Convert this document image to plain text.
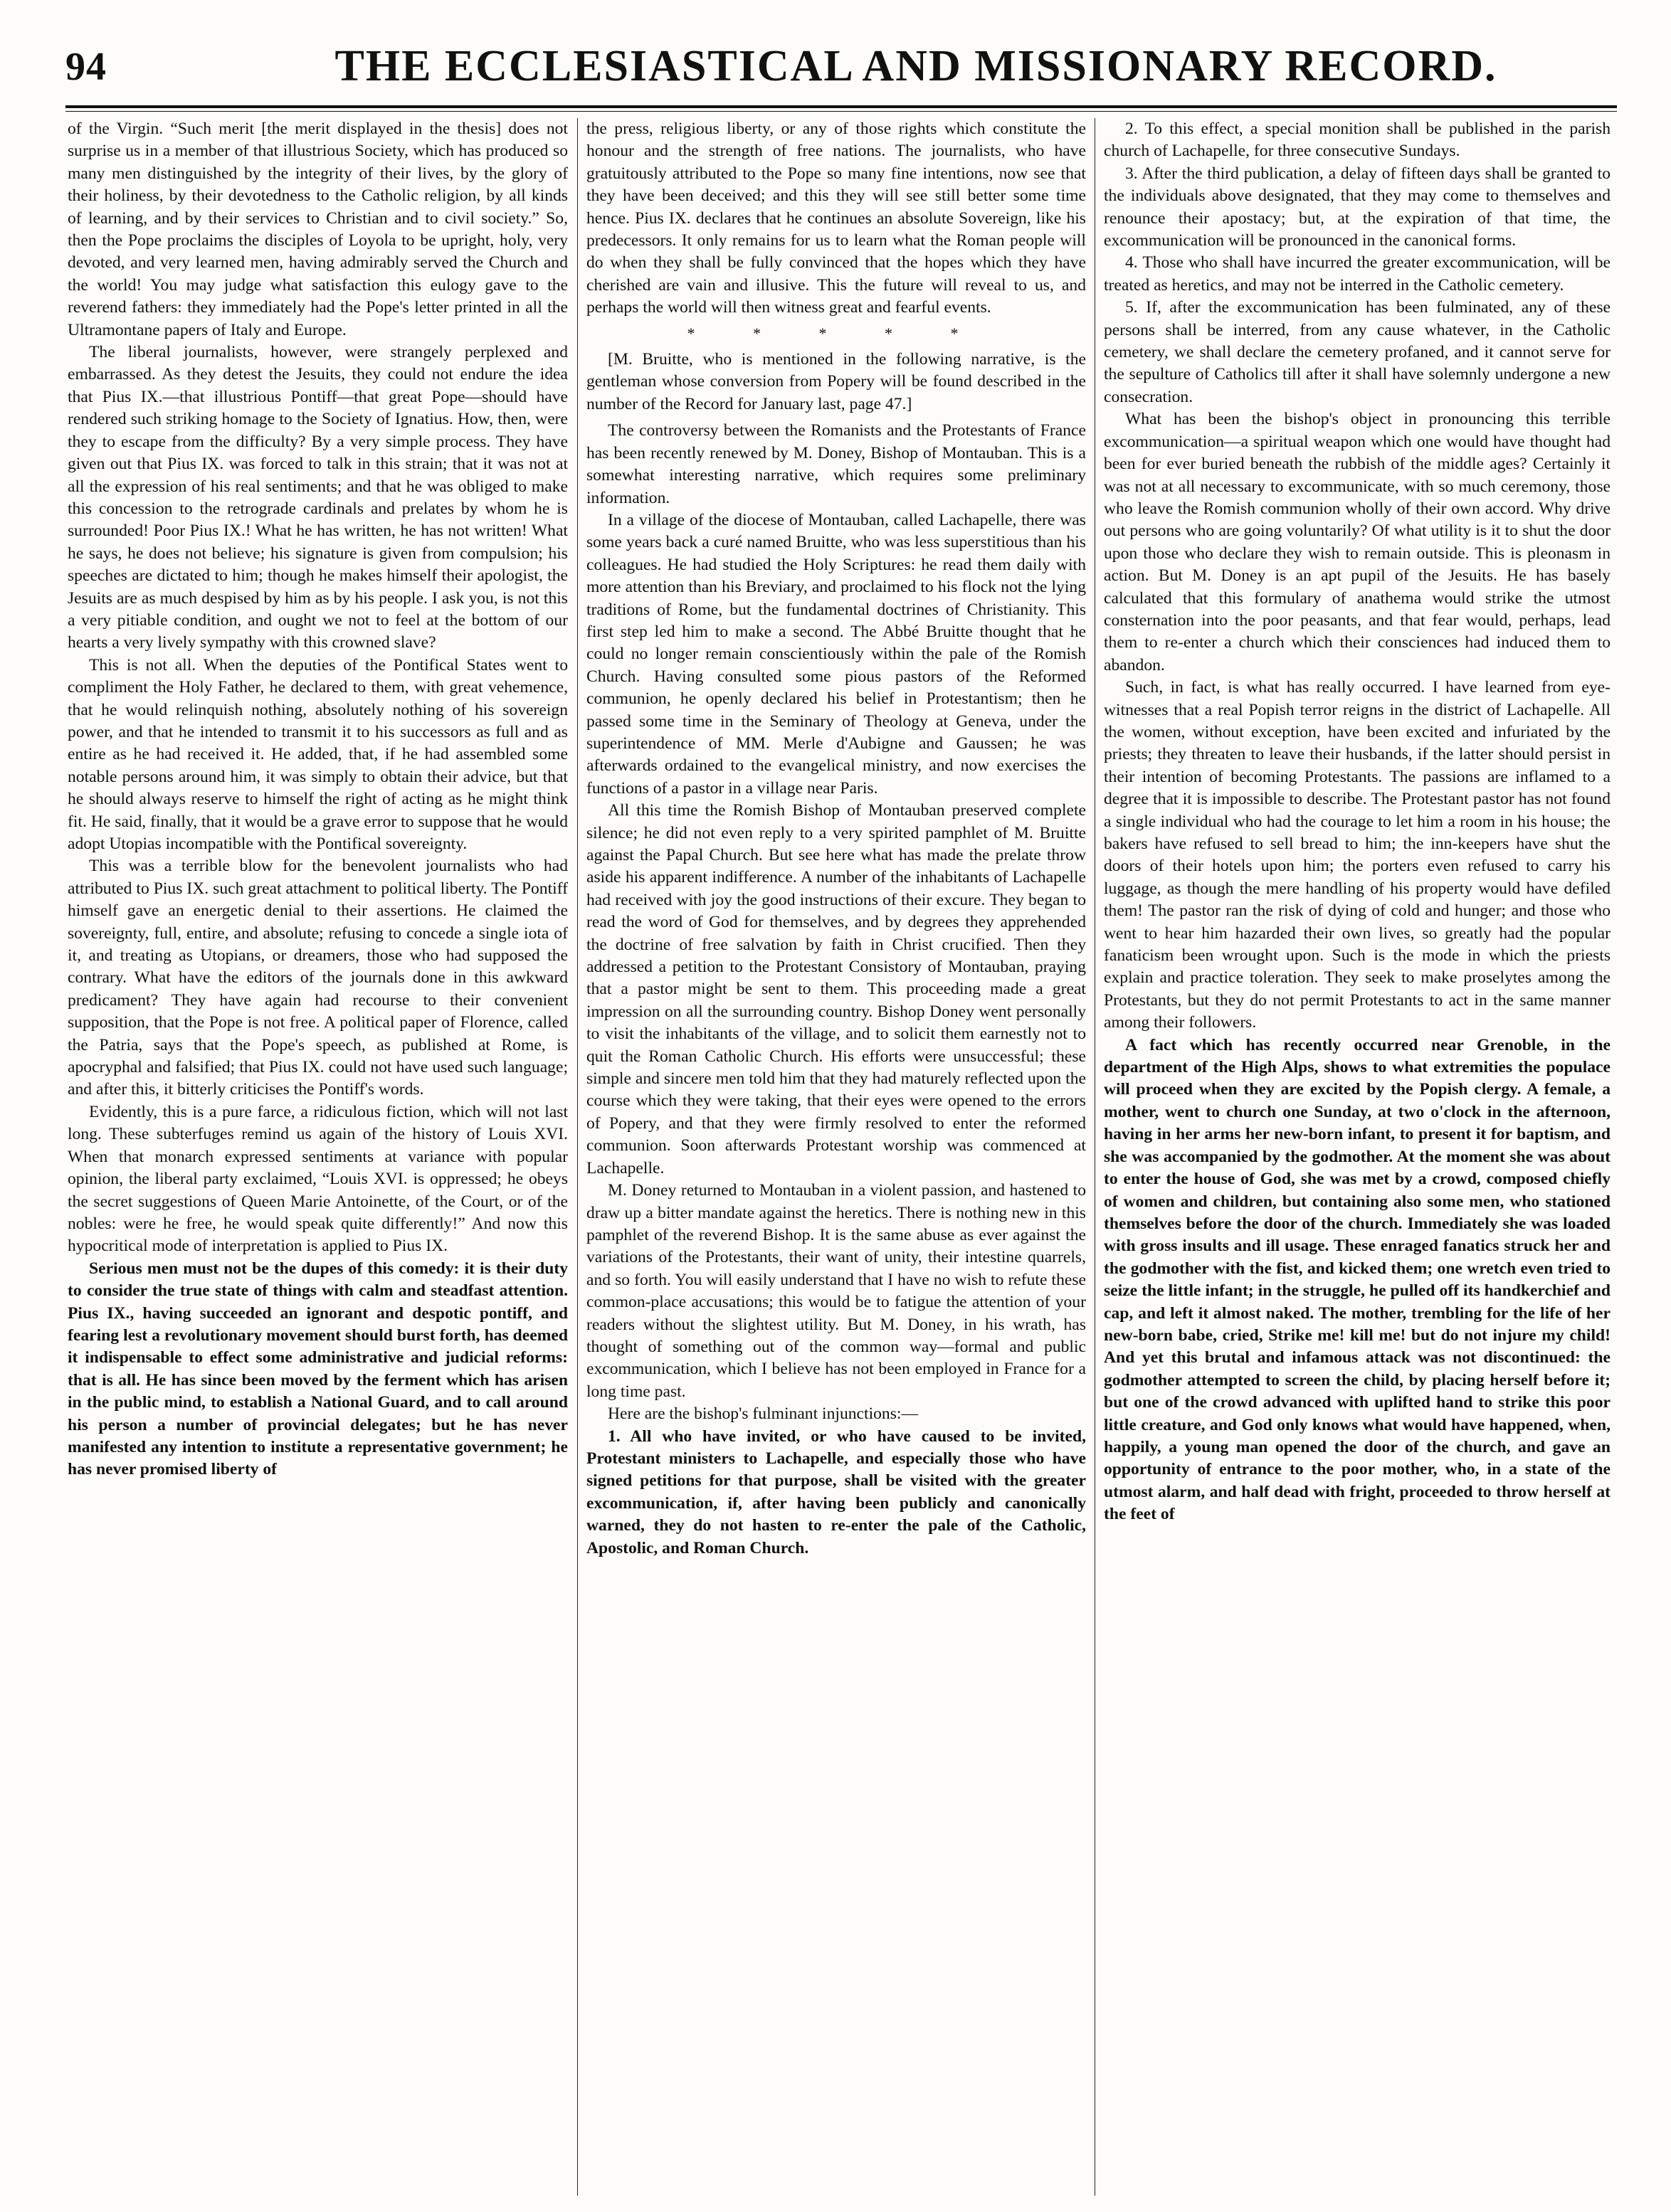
94	THE ECCLESIASTICAL AND MISSIONARY RECORD.

of the Virgin. “Such merit [the merit displayed in the thesis] does not surprise us in a member of that illustrious Society, which has produced so many men distinguished by the integrity of their lives, by the glory of their holiness, by their devotedness to the Catholic religion, by all kinds of learning, and by their services to Christian and to civil society.” So, then the Pope proclaims the disciples of Loyola to be upright, holy, very devoted, and very learned men, having admirably served the Church and the world! You may judge what satisfaction this eulogy gave to the reverend fathers: they immediately had the Pope's letter printed in all the Ultramontane papers of Italy and Europe.

The liberal journalists, however, were strangely perplexed and embarrassed. As they detest the Jesuits, they could not endure the idea that Pius IX.—that illustrious Pontiff—that great Pope—should have rendered such striking homage to the Society of Ignatius. How, then, were they to escape from the difficulty? By a very simple process. They have given out that Pius IX. was forced to talk in this strain; that it was not at all the expression of his real sentiments; and that he was obliged to make this concession to the retrograde cardinals and prelates by whom he is surrounded! Poor Pius IX.! What he has written, he has not written! What he says, he does not believe; his signature is given from compulsion; his speeches are dictated to him; though he makes himself their apologist, the Jesuits are as much despised by him as by his people. I ask you, is not this a very pitiable condition, and ought we not to feel at the bottom of our hearts a very lively sympathy with this crowned slave?

This is not all. When the deputies of the Pontifical States went to compliment the Holy Father, he declared to them, with great vehemence, that he would relinquish nothing, absolutely nothing of his sovereign power, and that he intended to transmit it to his successors as full and as entire as he had received it. He added, that, if he had assembled some notable persons around him, it was simply to obtain their advice, but that he should always reserve to himself the right of acting as he might think fit. He said, finally, that it would be a grave error to suppose that he would adopt Utopias incompatible with the Pontifical sovereignty.

This was a terrible blow for the benevolent journalists who had attributed to Pius IX. such great attachment to political liberty. The Pontiff himself gave an energetic denial to their assertions. He claimed the sovereignty, full, entire, and absolute; refusing to concede a single iota of it, and treating as Utopians, or dreamers, those who had supposed the contrary. What have the editors of the journals done in this awkward predicament? They have again had recourse to their convenient supposition, that the Pope is not free. A political paper of Florence, called the Patria, says that the Pope's speech, as published at Rome, is apocryphal and falsified; that Pius IX. could not have used such language; and after this, it bitterly criticises the Pontiff's words.

Evidently, this is a pure farce, a ridiculous fiction, which will not last long. These subterfuges remind us again of the history of Louis XVI. When that monarch expressed sentiments at variance with popular opinion, the liberal party exclaimed, “Louis XVI. is oppressed; he obeys the secret suggestions of Queen Marie Antoinette, of the Court, or of the nobles: were he free, he would speak quite differently!” And now this hypocritical mode of interpretation is applied to Pius IX.

Serious men must not be the dupes of this comedy: it is their duty to consider the true state of things with calm and steadfast attention. Pius IX., having succeeded an ignorant and despotic pontiff, and fearing lest a revolutionary movement should burst forth, has deemed it indispensable to effect some administrative and judicial reforms: that is all. He has since been moved by the ferment which has arisen in the public mind, to establish a National Guard, and to call around his person a number of provincial delegates; but he has never manifested any intention to institute a representative government; he has never promised liberty of

the press, religious liberty, or any of those rights which constitute the honour and the strength of free nations. The journalists, who have gratuitously attributed to the Pope so many fine intentions, now see that they have been deceived; and this they will see still better some time hence. Pius IX. declares that he continues an absolute Sovereign, like his predecessors. It only remains for us to learn what the Roman people will do when they shall be fully convinced that the hopes which they have cherished are vain and illusive. This the future will reveal to us, and perhaps the world will then witness great and fearful events.

* * * * *

[M. Bruitte, who is mentioned in the following narrative, is the gentleman whose conversion from Popery will be found described in the number of the Record for January last, page 47.]

The controversy between the Romanists and the Protestants of France has been recently renewed by M. Doney, Bishop of Montauban. This is a somewhat interesting narrative, which requires some preliminary information.

In a village of the diocese of Montauban, called Lachapelle, there was some years back a curé named Bruitte, who was less superstitious than his colleagues. He had studied the Holy Scriptures: he read them daily with more attention than his Breviary, and proclaimed to his flock not the lying traditions of Rome, but the fundamental doctrines of Christianity. This first step led him to make a second. The Abbé Bruitte thought that he could no longer remain conscientiously within the pale of the Romish Church. Having consulted some pious pastors of the Reformed communion, he openly declared his belief in Protestantism; then he passed some time in the Seminary of Theology at Geneva, under the superintendence of MM. Merle d'Aubigne and Gaussen; he was afterwards ordained to the evangelical ministry, and now exercises the functions of a pastor in a village near Paris.

All this time the Romish Bishop of Montauban preserved complete silence; he did not even reply to a very spirited pamphlet of M. Bruitte against the Papal Church. But see here what has made the prelate throw aside his apparent indifference. A number of the inhabitants of Lachapelle had received with joy the good instructions of their excure. They began to read the word of God for themselves, and by degrees they apprehended the doctrine of free salvation by faith in Christ crucified. Then they addressed a petition to the Protestant Consistory of Montauban, praying that a pastor might be sent to them. This proceeding made a great impression on all the surrounding country. Bishop Doney went personally to visit the inhabitants of the village, and to solicit them earnestly not to quit the Roman Catholic Church. His efforts were unsuccessful; these simple and sincere men told him that they had maturely reflected upon the course which they were taking, that their eyes were opened to the errors of Popery, and that they were firmly resolved to enter the reformed communion. Soon afterwards Protestant worship was commenced at Lachapelle.

M. Doney returned to Montauban in a violent passion, and hastened to draw up a bitter mandate against the heretics. There is nothing new in this pamphlet of the reverend Bishop. It is the same abuse as ever against the variations of the Protestants, their want of unity, their intestine quarrels, and so forth. You will easily understand that I have no wish to refute these common-place accusations; this would be to fatigue the attention of your readers without the slightest utility. But M. Doney, in his wrath, has thought of something out of the common way—formal and public excommunication, which I believe has not been employed in France for a long time past.

Here are the bishop's fulminant injunctions:—

1. All who have invited, or who have caused to be invited, Protestant ministers to Lachapelle, and especially those who have signed petitions for that purpose, shall be visited with the greater excommunication, if, after having been publicly and canonically warned, they do not hasten to re-enter the pale of the Catholic, Apostolic, and Roman Church.

2. To this effect, a special monition shall be published in the parish church of Lachapelle, for three consecutive Sundays.

3. After the third publication, a delay of fifteen days shall be granted to the individuals above designated, that they may come to themselves and renounce their apostacy; but, at the expiration of that time, the excommunication will be pronounced in the canonical forms.

4. Those who shall have incurred the greater excommunication, will be treated as heretics, and may not be interred in the Catholic cemetery.

5. If, after the excommunication has been fulminated, any of these persons shall be interred, from any cause whatever, in the Catholic cemetery, we shall declare the cemetery profaned, and it cannot serve for the sepulture of Catholics till after it shall have solemnly undergone a new consecration.

What has been the bishop's object in pronouncing this terrible excommunication—a spiritual weapon which one would have thought had been for ever buried beneath the rubbish of the middle ages? Certainly it was not at all necessary to excommunicate, with so much ceremony, those who leave the Romish communion wholly of their own accord. Why drive out persons who are going voluntarily? Of what utility is it to shut the door upon those who declare they wish to remain outside. This is pleonasm in action. But M. Doney is an apt pupil of the Jesuits. He has basely calculated that this formulary of anathema would strike the utmost consternation into the poor peasants, and that fear would, perhaps, lead them to re-enter a church which their consciences had induced them to abandon.

Such, in fact, is what has really occurred. I have learned from eye-witnesses that a real Popish terror reigns in the district of Lachapelle. All the women, without exception, have been excited and infuriated by the priests; they threaten to leave their husbands, if the latter should persist in their intention of becoming Protestants. The passions are inflamed to a degree that it is impossible to describe. The Protestant pastor has not found a single individual who had the courage to let him a room in his house; the bakers have refused to sell bread to him; the inn-keepers have shut the doors of their hotels upon him; the porters even refused to carry his luggage, as though the mere handling of his property would have defiled them! The pastor ran the risk of dying of cold and hunger; and those who went to hear him hazarded their own lives, so greatly had the popular fanaticism been wrought upon. Such is the mode in which the priests explain and practice toleration. They seek to make proselytes among the Protestants, but they do not permit Protestants to act in the same manner among their followers.

A fact which has recently occurred near Grenoble, in the department of the High Alps, shows to what extremities the populace will proceed when they are excited by the Popish clergy. A female, a mother, went to church one Sunday, at two o'clock in the afternoon, having in her arms her new-born infant, to present it for baptism, and she was accompanied by the godmother. At the moment she was about to enter the house of God, she was met by a crowd, composed chiefly of women and children, but containing also some men, who stationed themselves before the door of the church. Immediately she was loaded with gross insults and ill usage. These enraged fanatics struck her and the godmother with the fist, and kicked them; one wretch even tried to seize the little infant; in the struggle, he pulled off its handkerchief and cap, and left it almost naked. The mother, trembling for the life of her new-born babe, cried, Strike me! kill me! but do not injure my child! And yet this brutal and infamous attack was not discontinued: the godmother attempted to screen the child, by placing herself before it; but one of the crowd advanced with uplifted hand to strike this poor little creature, and God only knows what would have happened, when, happily, a young man opened the door of the church, and gave an opportunity of entrance to the poor mother, who, in a state of the utmost alarm, and half dead with fright, proceeded to throw herself at the feet of
